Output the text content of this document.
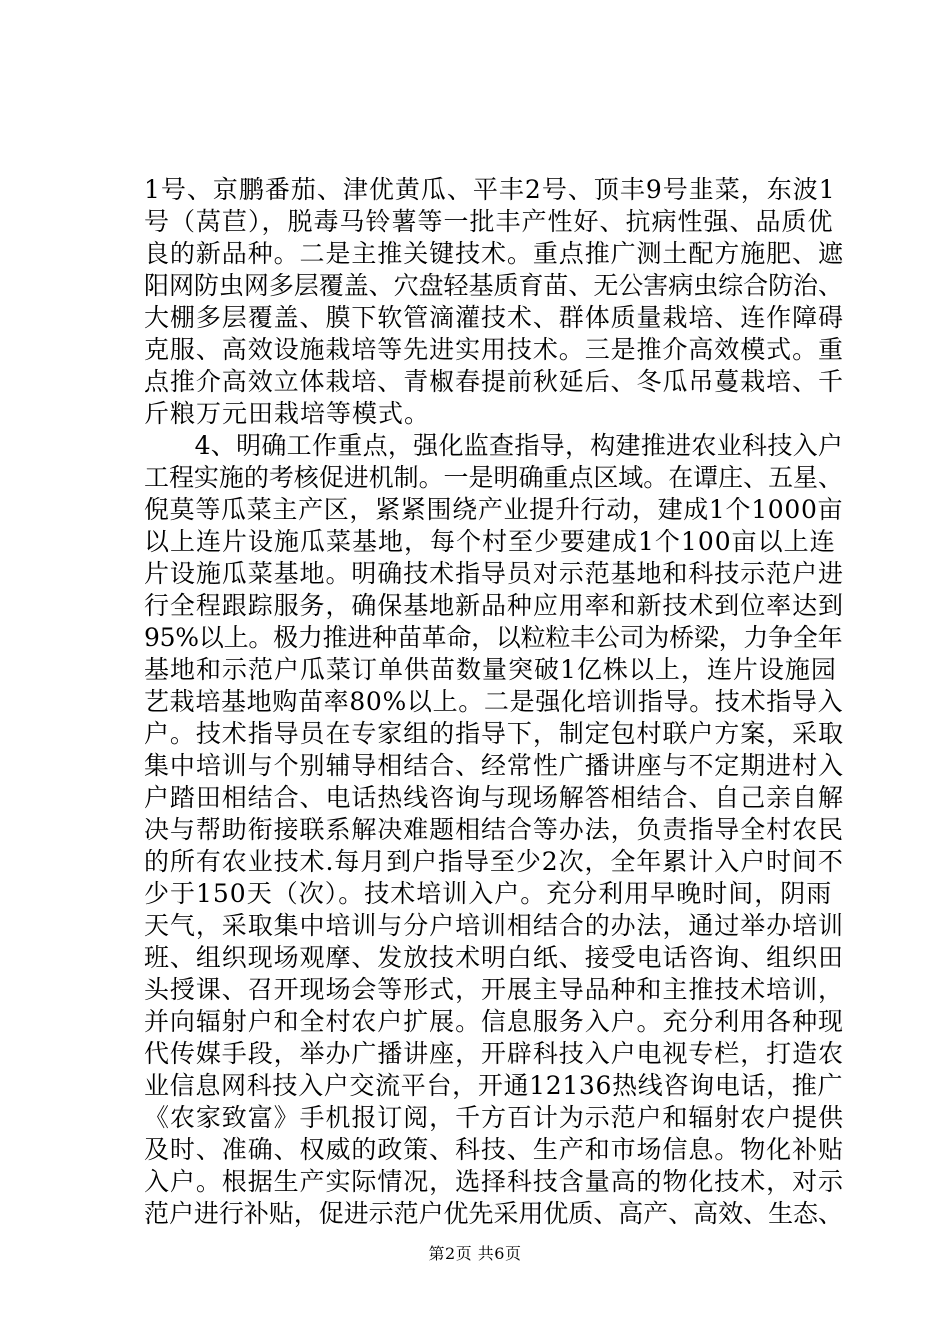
1号、京鹏番茄、津优黄瓜、平丰2号、顶丰9号韭菜，东波1
号（莴苣），脱毒马铃薯等一批丰产性好、抗病性强、品质优
良的新品种。二是主推关键技术。重点推广测土配方施肥、遮
阳网防虫网多层覆盖、穴盘轻基质育苗、无公害病虫综合防治、
大棚多层覆盖、膜下软管滴灌技术、群体质量栽培、连作障碍
克服、高效设施栽培等先进实用技术。三是推介高效模式。重
点推介高效立体栽培、青椒春提前秋延后、冬瓜吊蔓栽培、千
斤粮万元田栽培等模式。
　　4、明确工作重点，强化监查指导，构建推进农业科技入户
工程实施的考核促进机制。一是明确重点区域。在谭庄、五星、
倪莫等瓜菜主产区，紧紧围绕产业提升行动，建成1个1000亩
以上连片设施瓜菜基地，每个村至少要建成1个100亩以上连
片设施瓜菜基地。明确技术指导员对示范基地和科技示范户进
行全程跟踪服务，确保基地新品种应用率和新技术到位率达到
95%以上。极力推进种苗革命，以粒粒丰公司为桥梁，力争全年
基地和示范户瓜菜订单供苗数量突破1亿株以上，连片设施园
艺栽培基地购苗率80%以上。二是强化培训指导。技术指导入
户。技术指导员在专家组的指导下，制定包村联户方案，采取
集中培训与个别辅导相结合、经常性广播讲座与不定期进村入
户踏田相结合、电话热线咨询与现场解答相结合、自己亲自解
决与帮助衔接联系解决难题相结合等办法，负责指导全村农民
的所有农业技术.每月到户指导至少2次，全年累计入户时间不
少于150天（次）。技术培训入户。充分利用早晚时间，阴雨
天气，采取集中培训与分户培训相结合的办法，通过举办培训
班、组织现场观摩、发放技术明白纸、接受电话咨询、组织田
头授课、召开现场会等形式，开展主导品种和主推技术培训，
并向辐射户和全村农户扩展。信息服务入户。充分利用各种现
代传媒手段，举办广播讲座，开辟科技入户电视专栏，打造农
业信息网科技入户交流平台，开通12136热线咨询电话，推广
《农家致富》手机报订阅，千方百计为示范户和辐射农户提供
及时、准确、权威的政策、科技、生产和市场信息。物化补贴
入户。根据生产实际情况，选择科技含量高的物化技术，对示
范户进行补贴，促进示范户优先采用优质、高产、高效、生态、
第2页 共6页
